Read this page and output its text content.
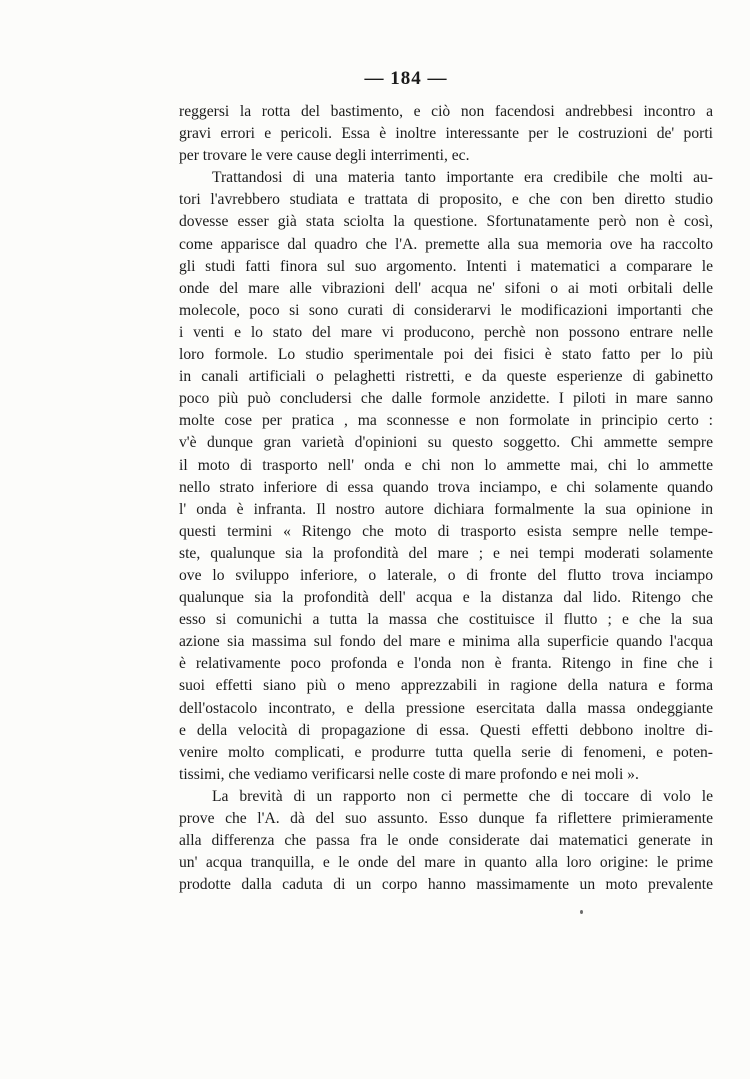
— 184 —
reggersi la rotta del bastimento, e ciò non facendosi andrebbesi incontro a
gravi errori e pericoli. Essa è inoltre interessante per le costruzioni de' porti
per trovare le vere cause degli interrimenti, ec.
Trattandosi di una materia tanto importante era credibile che molti au-
tori l'avrebbero studiata e trattata di proposito, e che con ben diretto studio
dovesse esser già stata sciolta la questione. Sfortunatamente però non è così,
come apparisce dal quadro che l'A. premette alla sua memoria ove ha raccolto
gli studi fatti finora sul suo argomento. Intenti i matematici a comparare le
onde del mare alle vibrazioni dell' acqua ne' sifoni o ai moti orbitali delle
molecole, poco si sono curati di considerarvi le modificazioni importanti che
i venti e lo stato del mare vi producono, perchè non possono entrare nelle
loro formole. Lo studio sperimentale poi dei fisici è stato fatto per lo più
in canali artificiali o pelaghetti ristretti, e da queste esperienze di gabinetto
poco più può concludersi che dalle formole anzidette. I piloti in mare sanno
molte cose per pratica , ma sconnesse e non formolate in principio certo :
v'è dunque gran varietà d'opinioni su questo soggetto. Chi ammette sempre
il moto di trasporto nell' onda e chi non lo ammette mai, chi lo ammette
nello strato inferiore di essa quando trova inciampo, e chi solamente quando
l' onda è infranta. Il nostro autore dichiara formalmente la sua opinione in
questi termini « Ritengo che moto di trasporto esista sempre nelle tempe-
ste, qualunque sia la profondità del mare ; e nei tempi moderati solamente
ove lo sviluppo inferiore, o laterale, o di fronte del flutto trova inciampo
qualunque sia la profondità dell' acqua e la distanza dal lido. Ritengo che
esso si comunichi a tutta la massa che costituisce il flutto ; e che la sua
azione sia massima sul fondo del mare e minima alla superficie quando l'acqua
è relativamente poco profonda e l'onda non è franta. Ritengo in fine che i
suoi effetti siano più o meno apprezzabili in ragione della natura e forma
dell'ostacolo incontrato, e della pressione esercitata dalla massa ondeggiante
e della velocità di propagazione di essa. Questi effetti debbono inoltre di-
venire molto complicati, e produrre tutta quella serie di fenomeni, e poten-
tissimi, che vediamo verificarsi nelle coste di mare profondo e nei moli ».
La brevità di un rapporto non ci permette che di toccare di volo le
prove che l'A. dà del suo assunto. Esso dunque fa riflettere primieramente
alla differenza che passa fra le onde considerate dai matematici generate in
un' acqua tranquilla, e le onde del mare in quanto alla loro origine: le prime
prodotte dalla caduta di un corpo hanno massimamente un moto prevalente
